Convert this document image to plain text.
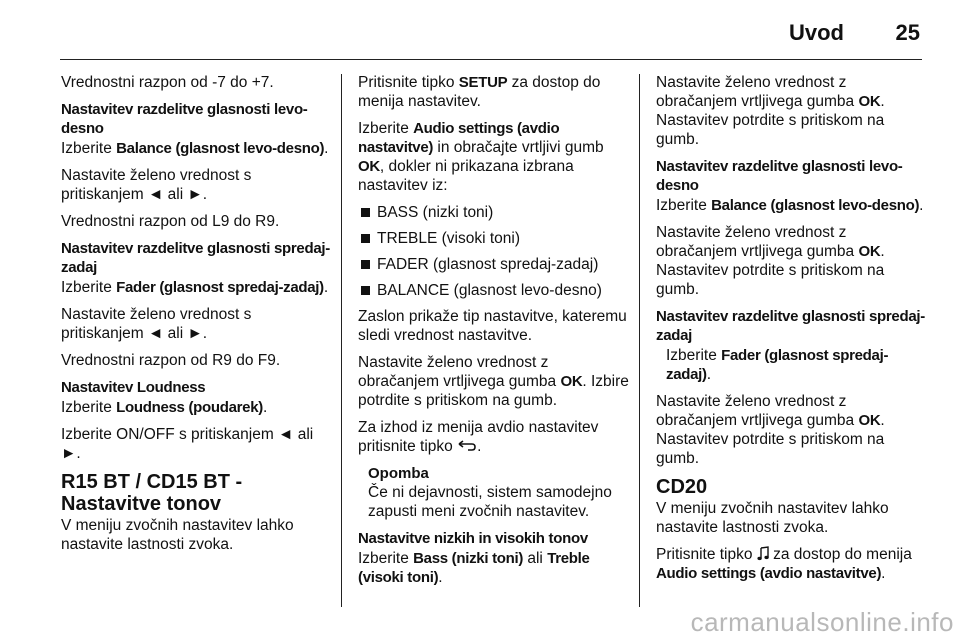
Uvod 25

Vrednostni razpon od -7 do +7.

Nastavitev razdelitve glasnosti levo-desno

Izberite Balance (glasnost levo-desno).

Nastavite želeno vrednost s pritiskanjem ◄ ali ►.

Vrednostni razpon od L9 do R9.

Nastavitev razdelitve glasnosti spredaj-zadaj

Izberite Fader (glasnost spredaj-zadaj).

Nastavite želeno vrednost s pritiskanjem ◄ ali ►.

Vrednostni razpon od R9 do F9.

Nastavitev Loudness

Izberite Loudness (poudarek).

Izberite ON/OFF s pritiskanjem ◄ ali ►.

R15 BT / CD15 BT - Nastavitve tonov

V meniju zvočnih nastavitev lahko nastavite lastnosti zvoka.

Pritisnite tipko SETUP za dostop do menija nastavitev.

Izberite Audio settings (avdio nastavitve) in obračajte vrtljivi gumb OK, dokler ni prikazana izbrana nastavitev iz:

BASS (nizki toni)
TREBLE (visoki toni)
FADER (glasnost spredaj-zadaj)
BALANCE (glasnost levo-desno)

Zaslon prikaže tip nastavitve, kateremu sledi vrednost nastavitve.

Nastavite želeno vrednost z obračanjem vrtljivega gumba OK. Izbire potrdite s pritiskom na gumb.

Za izhod iz menija avdio nastavitev pritisnite tipko .

Opomba
Če ni dejavnosti, sistem samodejno zapusti meni zvočnih nastavitev.
Nastavitve nizkih in visokih tonov

Izberite Bass (nizki toni) ali Treble (visoki toni).

Nastavite želeno vrednost z obračanjem vrtljivega gumba OK. Nastavitev potrdite s pritiskom na gumb.

Nastavitev razdelitve glasnosti levo-desno

Izberite Balance (glasnost levo-desno).

Nastavite želeno vrednost z obračanjem vrtljivega gumba OK. Nastavitev potrdite s pritiskom na gumb.

Nastavitev razdelitve glasnosti spredaj-zadaj

Izberite Fader (glasnost spredaj-zadaj).

Nastavite želeno vrednost z obračanjem vrtljivega gumba OK. Nastavitev potrdite s pritiskom na gumb.

CD20

V meniju zvočnih nastavitev lahko nastavite lastnosti zvoka.

Pritisnite tipko  za dostop do menija Audio settings (avdio nastavitve).

carmanualsonline.info
